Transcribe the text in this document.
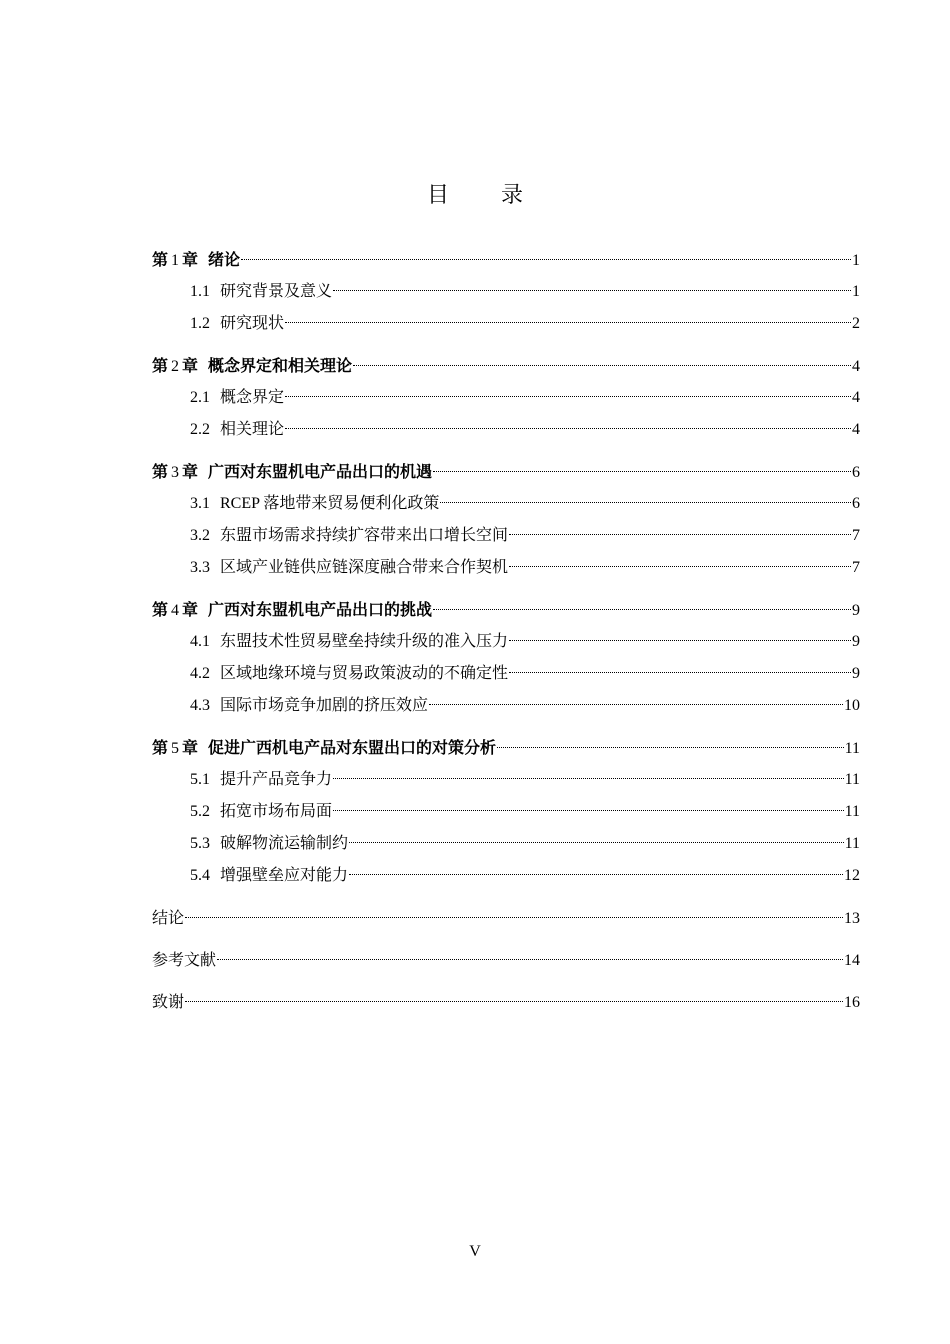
目 录
第 1 章 绪论	1
1.1 研究背景及意义	1
1.2 研究现状	2
第 2 章 概念界定和相关理论	4
2.1 概念界定	4
2.2 相关理论	4
第 3 章 广西对东盟机电产品出口的机遇	6
3.1 RCEP 落地带来贸易便利化政策	6
3.2 东盟市场需求持续扩容带来出口增长空间	7
3.3 区域产业链供应链深度融合带来合作契机	7
第 4 章 广西对东盟机电产品出口的挑战	9
4.1 东盟技术性贸易壁垒持续升级的准入压力	9
4.2 区域地缘环境与贸易政策波动的不确定性	9
4.3 国际市场竞争加剧的挤压效应	10
第 5 章 促进广西机电产品对东盟出口的对策分析	11
5.1 提升产品竞争力	11
5.2 拓宽市场布局面	11
5.3 破解物流运输制约	11
5.4 增强壁垒应对能力	12
结论	13
参考文献	14
致谢	16
V
